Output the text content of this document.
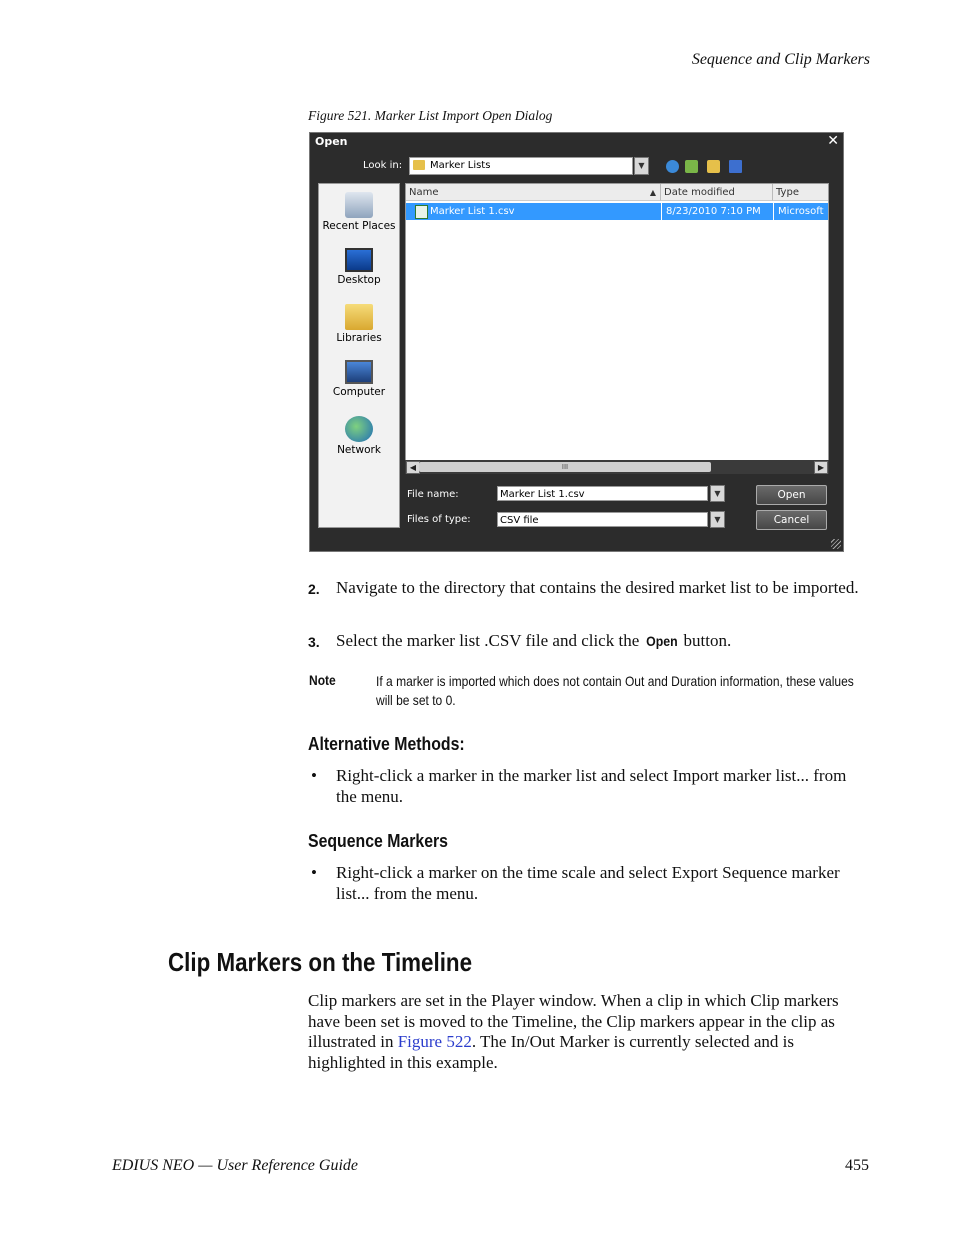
Sequence and Clip Markers
Figure 521. Marker List Import Open Dialog
Open	✕
Look in:	Marker Lists	▼
Recent Places
Desktop
Libraries
Computer
Network
Name	▲ Date modified	Type
Marker List 1.csv	8/23/2010 7:10 PM	Microsoft
◀	III	▶
File name:	Marker List 1.csv	▼	Open
Files of type:	CSV file	▼	Cancel
2. Navigate to the directory that contains the desired market list to be imported.
3. Select the marker list .CSV file and click the Open button.
Note	If a marker is imported which does not contain Out and Duration information, these values will be set to 0.
Alternative Methods:
• Right-click a marker in the marker list and select Import marker list... from the menu.
Sequence Markers
• Right-click a marker on the time scale and select Export Sequence marker list... from the menu.
Clip Markers on the Timeline
Clip markers are set in the Player window. When a clip in which Clip markers have been set is moved to the Timeline, the Clip markers appear in the clip as illustrated in Figure 522. The In/Out Marker is currently selected and is highlighted in this example.
EDIUS NEO — User Reference Guide	455
